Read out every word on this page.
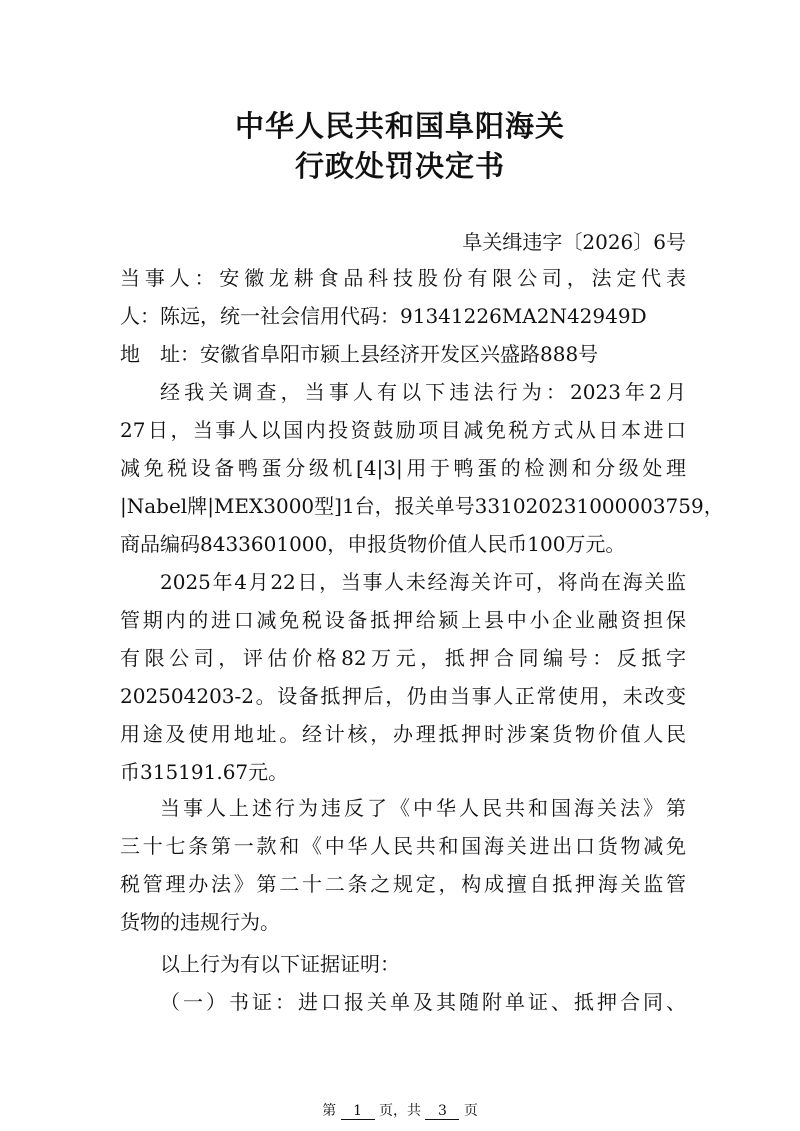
中华人民共和国阜阳海关
行政处罚决定书
阜关缉违字〔2026〕6号
当事人：安徽龙耕食品科技股份有限公司，法定代表
人：陈远，统一社会信用代码：91341226MA2N42949D
地　址：安徽省阜阳市颍上县经济开发区兴盛路888号
经我关调查，当事人有以下违法行为：2023年2月
27日，当事人以国内投资鼓励项目减免税方式从日本进口
减免税设备鸭蛋分级机[4|3|用于鸭蛋的检测和分级处理
|Nabel牌|MEX3000型]1台，报关单号331020231000003759，
商品编码8433601000，申报货物价值人民币100万元。
2025年4月22日，当事人未经海关许可，将尚在海关监
管期内的进口减免税设备抵押给颍上县中小企业融资担保
有限公司，评估价格82万元，抵押合同编号：反抵字
202504203-2。设备抵押后，仍由当事人正常使用，未改变
用途及使用地址。经计核，办理抵押时涉案货物价值人民
币315191.67元。
当事人上述行为违反了《中华人民共和国海关法》第
三十七条第一款和《中华人民共和国海关进出口货物减免
税管理办法》第二十二条之规定，构成擅自抵押海关监管
货物的违规行为。
以上行为有以下证据证明：
（一）书证：进口报关单及其随附单证、抵押合同、
第 1 页，共 3 页
